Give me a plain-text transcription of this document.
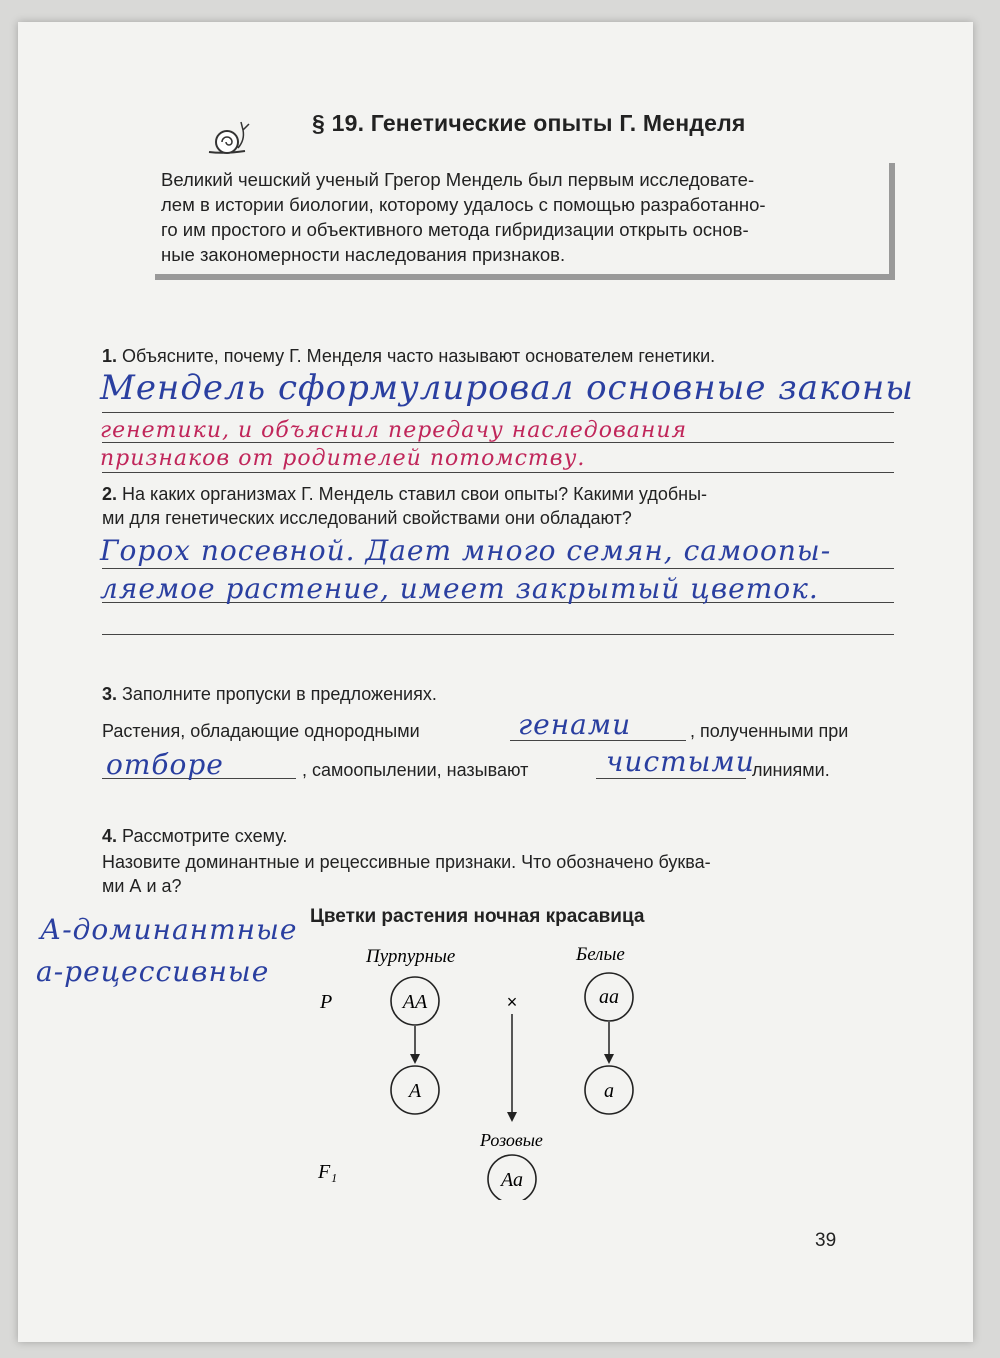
§ 19. Генетические опыты Г. Менделя
Великий чешский ученый Грегор Мендель был первым исследовате-
лем в истории биологии, которому удалось с помощью разработанно-
го им простого и объективного метода гибридизации открыть основ-
ные закономерности наследования признаков.
1. Объясните, почему Г. Менделя часто называют основателем генетики.
Мендель сформулировал основные законы
генетики, и объяснил передачу наследования
признаков от родителей потомству.
2. На каких организмах Г. Мендель ставил свои опыты? Какими удобны-
ми для генетических исследований свойствами они обладают?
Горох посевной. Дает много семян, самоопы-
ляемое растение, имеет закрытый цветок.
3. Заполните пропуски в предложениях.
Растения, обладающие однородными	генами	, полученными при
отборе	, самоопылении, называют	чистыми
линиями.
4. Рассмотрите схему.
Назовите доминантные и рецессивные признаки. Что обозначено буква-
ми А и а?
А-доминантные
а-рецессивные
Цветки растения ночная красавица
Пурпурные	Белые
P	АА	×	аа
А	а
Розовые
F₁	Аа
39
